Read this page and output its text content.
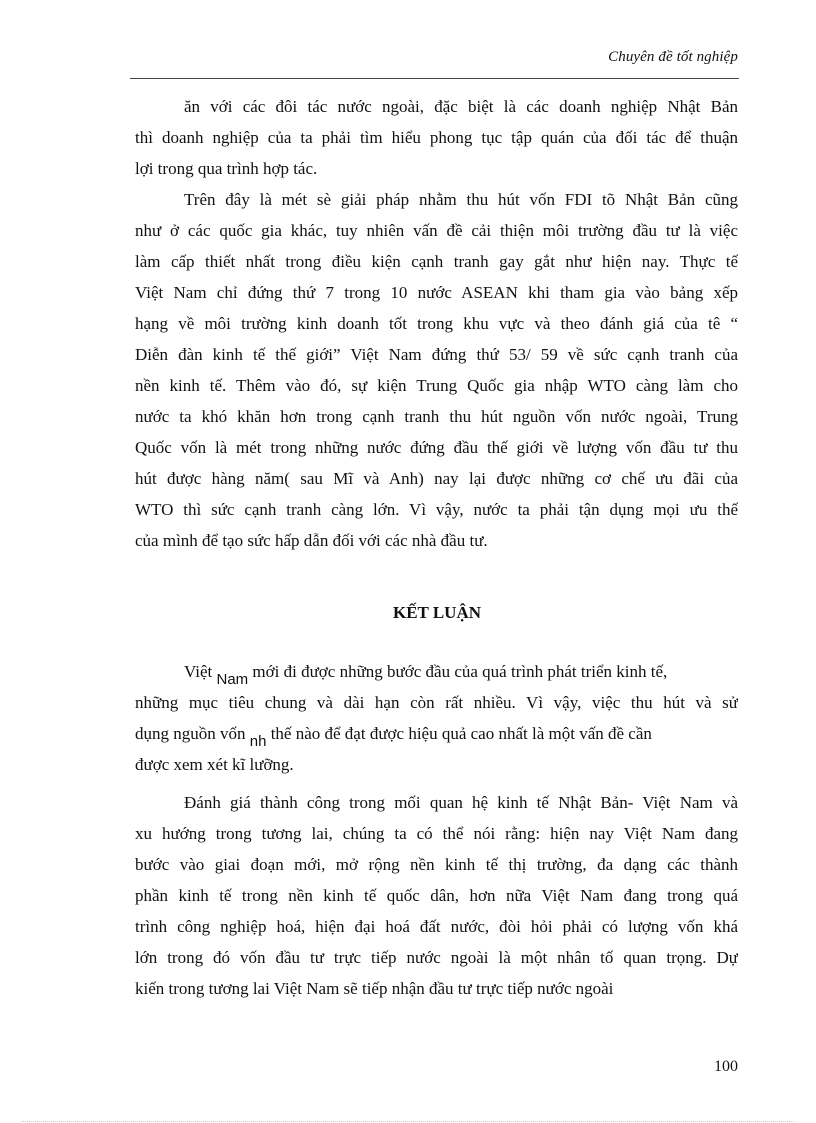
Chuyên đề tốt nghiệp
ăn với các đôi tác nước ngoài, đặc biệt là các doanh nghiệp Nhật Bản
thì doanh nghiệp của ta phải tìm hiểu phong tục tập quán của đối tác để thuận
lợi trong qua trình hợp tác.
Trên đây là mét sè giải pháp nhằm thu hút vốn FDI tõ Nhật Bản cũng
như ở các quốc gia khác, tuy nhiên vấn đề cải thiện môi trường đầu tư là việc
làm cấp thiết nhất trong điều kiện cạnh tranh gay gắt như hiện nay. Thực tế
Việt Nam chỉ đứng thứ 7 trong 10 nước ASEAN khi tham gia vào bảng xếp
hạng về môi trường kinh doanh tốt trong khu vực và theo đánh giá của tê “
Diễn đàn kinh tế thế giới” Việt Nam đứng thứ 53/ 59 về sức cạnh tranh của
nền kinh tế. Thêm vào đó, sự kiện Trung Quốc gia nhập WTO càng làm cho
nước ta khó khăn hơn trong cạnh tranh thu hút nguồn vốn nước ngoài, Trung
Quốc vốn là mét trong những nước đứng đầu thế giới về lượng vốn đầu tư thu
hút được hàng năm( sau Mĩ và Anh) nay lại được những cơ chế ưu đãi của
WTO thì sức cạnh tranh càng lớn. Vì vậy, nước ta phải tận dụng mọi ưu thế
của mình để tạo sức hấp dẫn đối với các nhà đầu tư.
KẾT LUẬN
Việt Nam mới đi được những bước đầu của quá trình phát triển kinh tế,
những mục tiêu chung và dài hạn còn rất nhiều. Vì vậy, việc thu hút và sử
dụng nguồn vốn nh thế nào để đạt được hiệu quả cao nhất là một vấn đề cần
được xem xét kĩ lưỡng.
Đánh giá thành công trong mối quan hệ kinh tế Nhật Bản- Việt Nam và
xu hướng trong tương lai, chúng ta có thể nói rằng: hiện nay Việt Nam đang
bước vào giai đoạn mới, mở rộng nền kinh tế thị trường, đa dạng các thành
phần kinh tế trong nền kinh tế quốc dân, hơn nữa Việt Nam đang trong quá
trình công nghiệp hoá, hiện đại hoá đất nước, đòi hỏi phải có lượng vốn khá
lớn trong đó vốn đầu tư trực tiếp nước ngoài là một nhân tố quan trọng. Dự
kiến trong tương lai Việt Nam sẽ tiếp nhận đầu tư trực tiếp nước ngoài
100
